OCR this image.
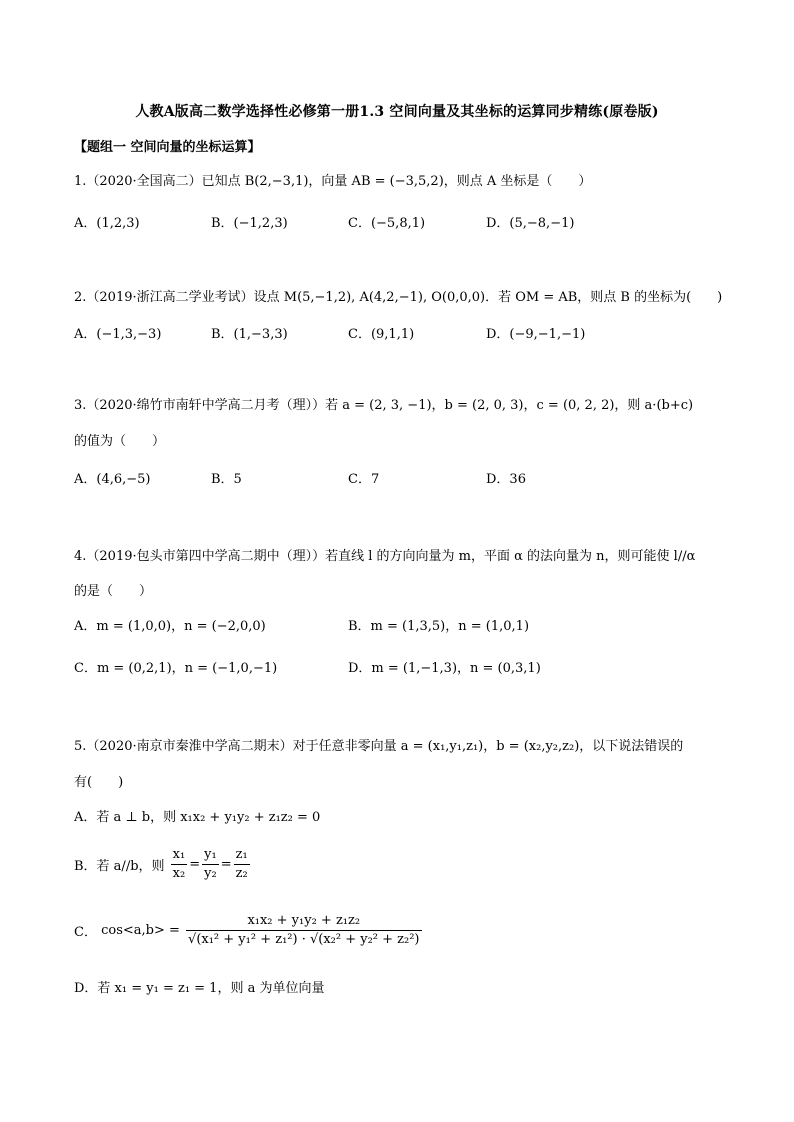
人教A版高二数学选择性必修第一册1.3 空间向量及其坐标的运算同步精练(原卷版)
【题组一 空间向量的坐标运算】
1.（2020·全国高二）已知点 B(2,−3,1)，向量 AB = (−3,5,2)，则点 A 坐标是（　　）
A．(1,2,3)	B．(−1,2,3)	C．(−5,8,1)	D．(5,−8,−1)
2.（2019·浙江高二学业考试）设点 M(5,−1,2), A(4,2,−1), O(0,0,0)．若 OM = AB，则点 B 的坐标为(　　)
A．(−1,3,−3)	B．(1,−3,3)	C．(9,1,1)	D．(−9,−1,−1)
3.（2020·绵竹市南轩中学高二月考（理））若 a = (2, 3, −1)，b = (2, 0, 3)，c = (0, 2, 2)，则 a·(b+c)
的值为（　　）
A．(4,6,−5)	B．5	C．7	D．36
4.（2019·包头市第四中学高二期中（理））若直线 l 的方向向量为 m，平面 α 的法向量为 n，则可能使 l//α
的是（　　）
A．m = (1,0,0)，n = (−2,0,0)	B．m = (1,3,5)，n = (1,0,1)
C．m = (0,2,1)，n = (−1,0,−1)	D．m = (1,−1,3)，n = (0,3,1)
5.（2020·南京市秦淮中学高二期末）对于任意非零向量 a = (x₁,y₁,z₁)，b = (x₂,y₂,z₂)，以下说法错误的
有(　　)
A．若 a ⊥ b，则 x₁x₂ + y₁y₂ + z₁z₂ = 0
B．若 a//b，则 $\frac{\text{x₁}}{\text{x₂}} = \frac{\text{y₁}}{\text{y₂}} = \frac{\text{z₁}}{\text{z₂}}$
C． $\cos<a,b> = \frac{\text{x₁x₂ + y₁y₂ + z₁z₂}}{\text{√(x₁² + y₁² + z₁²) · √(x₂² + y₂² + z₂²)}}$
D．若 x₁ = y₁ = z₁ = 1，则 a 为单位向量
